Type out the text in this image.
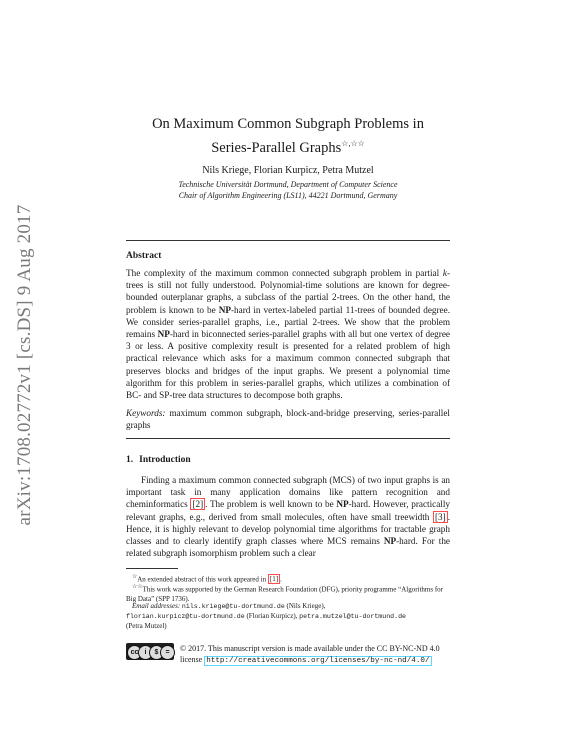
arXiv:1708.02772v1 [cs.DS] 9 Aug 2017
On Maximum Common Subgraph Problems in
Series-Parallel Graphs☆,☆☆
Nils Kriege, Florian Kurpicz, Petra Mutzel
Technische Universität Dortmund, Department of Computer Science
Chair of Algorithm Engineering (LS11), 44221 Dortmund, Germany
Abstract
The complexity of the maximum common connected subgraph problem in partial k-trees is still not fully understood. Polynomial-time solutions are known for degree-bounded outerplanar graphs, a subclass of the partial 2-trees. On the other hand, the problem is known to be NP-hard in vertex-labeled partial 11-trees of bounded degree. We consider series-parallel graphs, i.e., partial 2-trees. We show that the problem remains NP-hard in biconnected series-parallel graphs with all but one vertex of degree 3 or less. A positive complexity result is presented for a related problem of high practical relevance which asks for a maximum common connected subgraph that preserves blocks and bridges of the input graphs. We present a polynomial time algorithm for this problem in series-parallel graphs, which utilizes a combination of BC- and SP-tree data structures to decompose both graphs.
Keywords: maximum common subgraph, block-and-bridge preserving, series-parallel graphs
1. Introduction
Finding a maximum common connected subgraph (MCS) of two input graphs is an important task in many application domains like pattern recognition and cheminformatics [2] . The problem is well known to be NP-hard. However, practically relevant graphs, e.g., derived from small molecules, often have small treewidth [3] . Hence, it is highly relevant to develop polynomial time algorithms for tractable graph classes and to clearly identify graph classes where MCS remains NP-hard. For the related subgraph isomorphism problem such a clear
☆An extended abstract of this work appeared in [1] .
☆☆This work was supported by the German Research Foundation (DFG), priority programme “Algorithms for Big Data” (SPP 1736).
Email addresses: nils.kriege@tu-dortmund.de (Nils Kriege),
florian.kurpicz@tu-dortmund.de (Florian Kurpicz), petra.mutzel@tu-dortmund.de
(Petra Mutzel)
cc i	$	=	© 2017. This manuscript version is made available under the CC BY-NC-ND 4.0 license http://creativecommons.org/licenses/by-nc-nd/4.0/
